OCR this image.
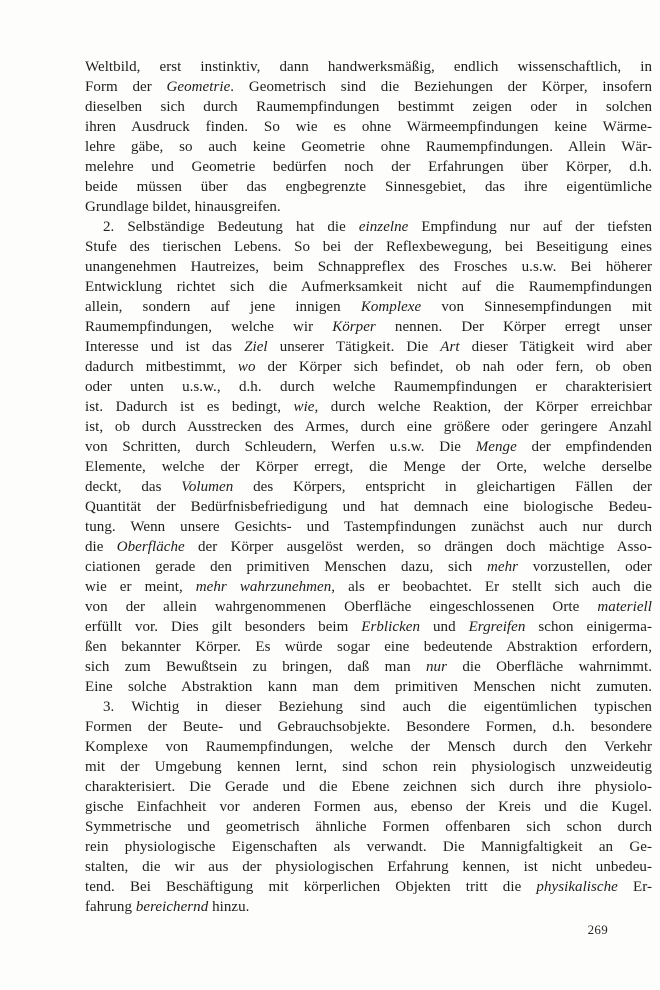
Weltbild, erst instinktiv, dann handwerksmäßig, endlich wissenschaftlich, in
Form der Geometrie. Geometrisch sind die Beziehungen der Körper, insofern
dieselben sich durch Raumempfindungen bestimmt zeigen oder in solchen
ihren Ausdruck finden. So wie es ohne Wärmeempfindungen keine Wärme-
lehre gäbe, so auch keine Geometrie ohne Raumempfindungen. Allein Wär-
melehre und Geometrie bedürfen noch der Erfahrungen über Körper, d.h.
beide müssen über das engbegrenzte Sinnesgebiet, das ihre eigentümliche
Grundlage bildet, hinausgreifen.
2. Selbständige Bedeutung hat die einzelne Empfindung nur auf der tiefsten
Stufe des tierischen Lebens. So bei der Reflexbewegung, bei Beseitigung eines
unangenehmen Hautreizes, beim Schnappreflex des Frosches u.s.w. Bei höherer
Entwicklung richtet sich die Aufmerksamkeit nicht auf die Raumempfindungen
allein, sondern auf jene innigen Komplexe von Sinnesempfindungen mit
Raumempfindungen, welche wir Körper nennen. Der Körper erregt unser
Interesse und ist das Ziel unserer Tätigkeit. Die Art dieser Tätigkeit wird aber
dadurch mitbestimmt, wo der Körper sich befindet, ob nah oder fern, ob oben
oder unten u.s.w., d.h. durch welche Raumempfindungen er charakterisiert
ist. Dadurch ist es bedingt, wie, durch welche Reaktion, der Körper erreichbar
ist, ob durch Ausstrecken des Armes, durch eine größere oder geringere Anzahl
von Schritten, durch Schleudern, Werfen u.s.w. Die Menge der empfindenden
Elemente, welche der Körper erregt, die Menge der Orte, welche derselbe
deckt, das Volumen des Körpers, entspricht in gleichartigen Fällen der
Quantität der Bedürfnisbefriedigung und hat demnach eine biologische Bedeu-
tung. Wenn unsere Gesichts- und Tastempfindungen zunächst auch nur durch
die Oberfläche der Körper ausgelöst werden, so drängen doch mächtige Asso-
ciationen gerade den primitiven Menschen dazu, sich mehr vorzustellen, oder
wie er meint, mehr wahrzunehmen, als er beobachtet. Er stellt sich auch die
von der allein wahrgenommenen Oberfläche eingeschlossenen Orte materiell
erfüllt vor. Dies gilt besonders beim Erblicken und Ergreifen schon einigerma-
ßen bekannter Körper. Es würde sogar eine bedeutende Abstraktion erfordern,
sich zum Bewußtsein zu bringen, daß man nur die Oberfläche wahrnimmt.
Eine solche Abstraktion kann man dem primitiven Menschen nicht zumuten.
3. Wichtig in dieser Beziehung sind auch die eigentümlichen typischen
Formen der Beute- und Gebrauchsobjekte. Besondere Formen, d.h. besondere
Komplexe von Raumempfindungen, welche der Mensch durch den Verkehr
mit der Umgebung kennen lernt, sind schon rein physiologisch unzweideutig
charakterisiert. Die Gerade und die Ebene zeichnen sich durch ihre physiolo-
gische Einfachheit vor anderen Formen aus, ebenso der Kreis und die Kugel.
Symmetrische und geometrisch ähnliche Formen offenbaren sich schon durch
rein physiologische Eigenschaften als verwandt. Die Mannigfaltigkeit an Ge-
stalten, die wir aus der physiologischen Erfahrung kennen, ist nicht unbedeu-
tend. Bei Beschäftigung mit körperlichen Objekten tritt die physikalische Er-
fahrung bereichernd hinzu.
269
